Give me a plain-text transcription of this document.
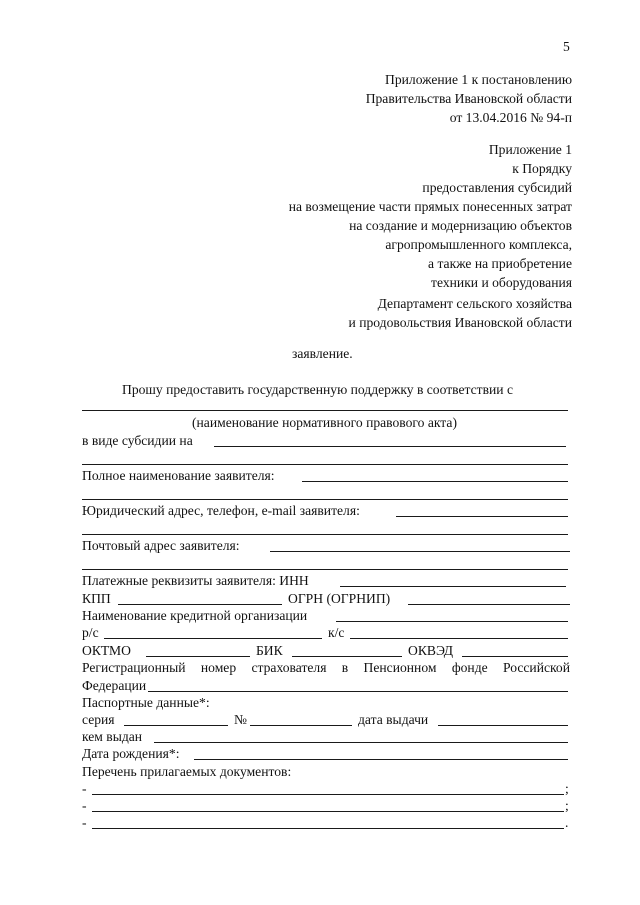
5
Приложение 1 к постановлению
Правительства Ивановской области
от 13.04.2016 № 94-п
Приложение 1
к Порядку
предоставления субсидий
на возмещение части прямых понесенных затрат
на создание и модернизацию объектов
агропромышленного комплекса,
а также на приобретение
техники и оборудования
Департамент сельского хозяйства
и продовольствия Ивановской области
заявление.
Прошу предоставить государственную поддержку в соответствии с
(наименование нормативного правового акта)
в виде субсидии на
Полное наименование заявителя:
Юридический адрес, телефон, e-mail заявителя:
Почтовый адрес заявителя:
Платежные реквизиты заявителя: ИНН
КПП	ОГРН (ОГРНИП)
Наименование кредитной организации
р/с	к/с
ОКТМО	БИК	ОКВЭД
Регистрационный номер страхователя в Пенсионном фонде Российской
Федерации
Паспортные данные*:
серия	№	дата выдачи
кем выдан
Дата рождения*:
Перечень прилагаемых документов:
-	;
-	;
-	.
